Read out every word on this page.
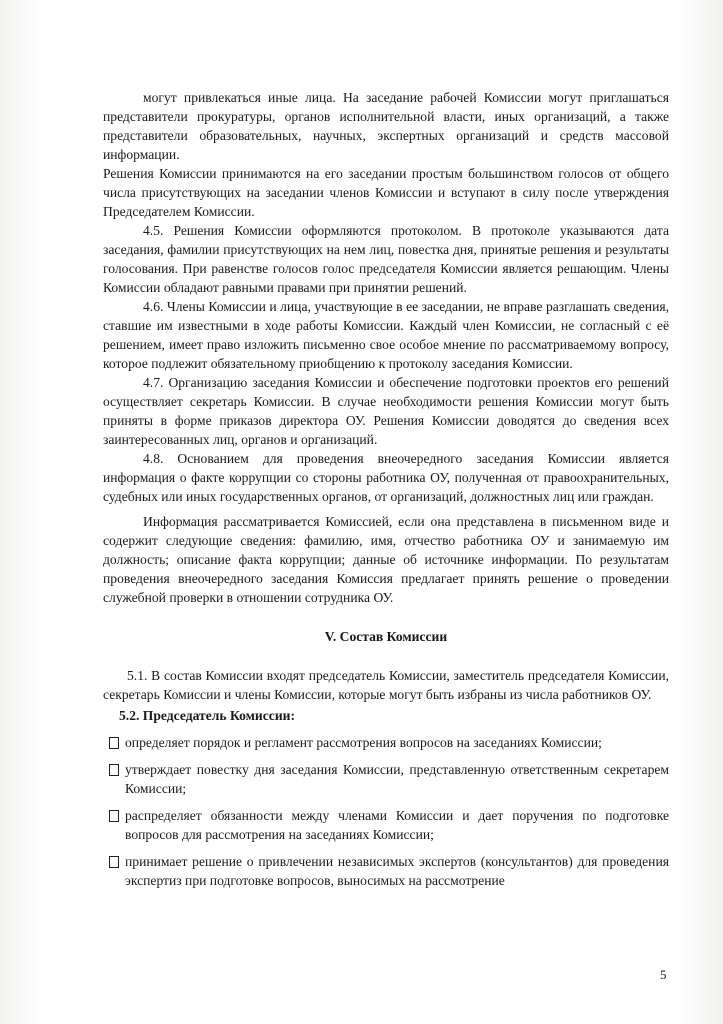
могут привлекаться иные лица. На заседание рабочей Комиссии могут приглашаться представители прокуратуры, органов исполнительной власти, иных организаций, а также представители образовательных, научных, экспертных организаций и средств массовой информации.

Решения Комиссии принимаются на его заседании простым большинством голосов от общего числа присутствующих на заседании членов Комиссии и вступают в силу после утверждения Председателем Комиссии.

4.5. Решения Комиссии оформляются протоколом. В протоколе указываются дата заседания, фамилии присутствующих на нем лиц, повестка дня, принятые решения и результаты голосования. При равенстве голосов голос председателя Комиссии является решающим. Члены Комиссии обладают равными правами при принятии решений.

4.6. Члены Комиссии и лица, участвующие в ее заседании, не вправе разглашать сведения, ставшие им известными в ходе работы Комиссии. Каждый член Комиссии, не согласный с её решением, имеет право изложить письменно свое особое мнение по рассматриваемому вопросу, которое подлежит обязательному приобщению к протоколу заседания Комиссии.

4.7. Организацию заседания Комиссии и обеспечение подготовки проектов его решений осуществляет секретарь Комиссии. В случае необходимости решения Комиссии могут быть приняты в форме приказов директора ОУ. Решения Комиссии доводятся до сведения всех заинтересованных лиц, органов и организаций.

4.8. Основанием для проведения внеочередного заседания Комиссии является информация о факте коррупции со стороны работника ОУ, полученная от правоохранительных, судебных или иных государственных органов, от организаций, должностных лиц или граждан.

Информация рассматривается Комиссией, если она представлена в письменном виде и содержит следующие сведения: фамилию, имя, отчество работника ОУ и занимаемую им должность; описание факта коррупции; данные об источнике информации. По результатам проведения внеочередного заседания Комиссия предлагает принять решение о проведении служебной проверки в отношении сотрудника ОУ.

V. Состав Комиссии

5.1. В состав Комиссии входят председатель Комиссии, заместитель председателя Комиссии, секретарь Комиссии и члены Комиссии, которые могут быть избраны из числа работников ОУ.

5.2. Председатель Комиссии:

определяет порядок и регламент рассмотрения вопросов на заседаниях Комиссии;
утверждает повестку дня заседания Комиссии, представленную ответственным секретарем Комиссии;
распределяет обязанности между членами Комиссии и дает поручения по подготовке вопросов для рассмотрения на заседаниях Комиссии;
принимает решение о привлечении независимых экспертов (консультантов) для проведения экспертиз при подготовке вопросов, выносимых на рассмотрение
5
